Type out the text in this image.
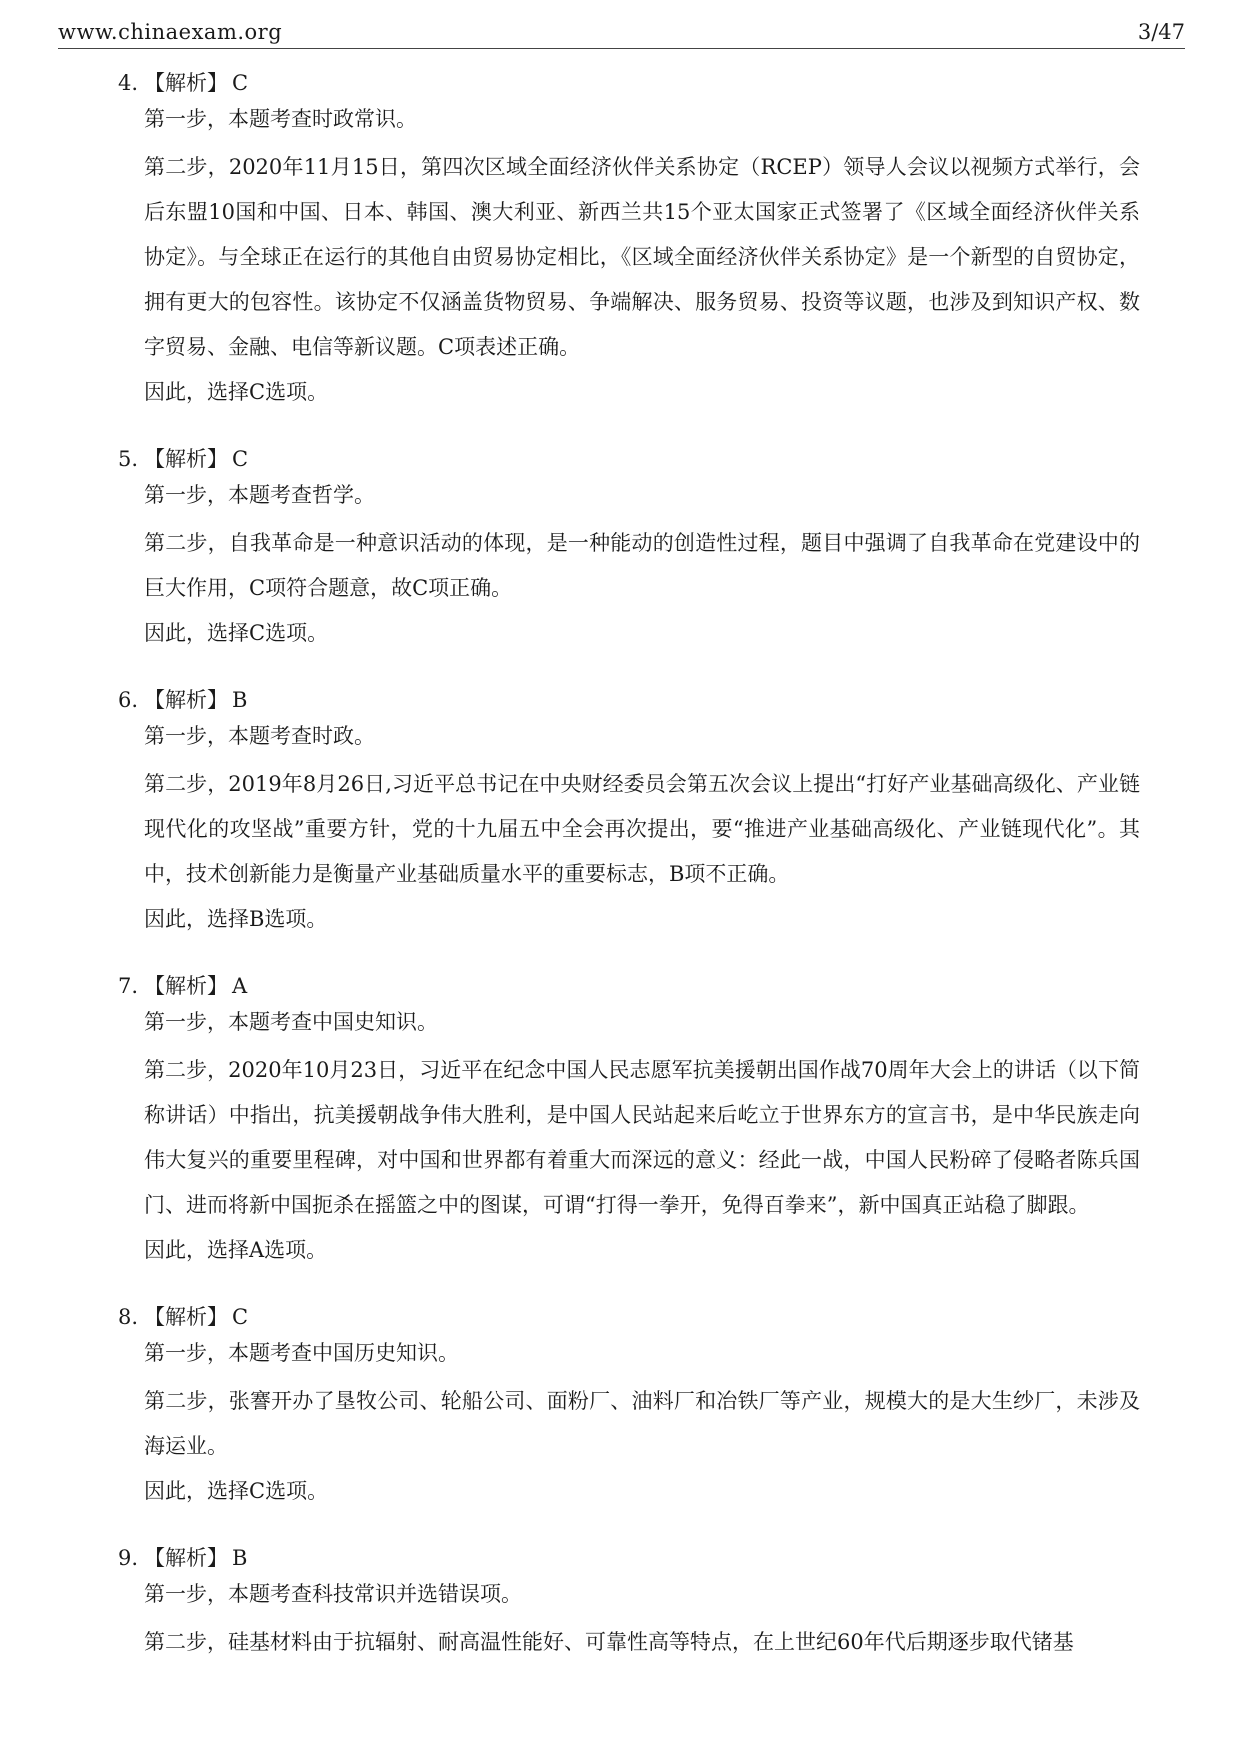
www.chinaexam.org	3/47
4. 【解析】 C
第一步，本题考查时政常识。
第二步，2020年11月15日，第四次区域全面经济伙伴关系协定（RCEP）领导人会议以视频方式举行，会后东盟10国和中国、日本、韩国、澳大利亚、新西兰共15个亚太国家正式签署了《区域全面经济伙伴关系协定》。与全球正在运行的其他自由贸易协定相比，《区域全面经济伙伴关系协定》是一个新型的自贸协定，拥有更大的包容性。该协定不仅涵盖货物贸易、争端解决、服务贸易、投资等议题，也涉及到知识产权、数字贸易、金融、电信等新议题。C项表述正确。
因此，选择C选项。
5. 【解析】 C
第一步，本题考查哲学。
第二步，自我革命是一种意识活动的体现，是一种能动的创造性过程，题目中强调了自我革命在党建设中的巨大作用，C项符合题意，故C项正确。
因此，选择C选项。
6. 【解析】 B
第一步，本题考查时政。
第二步，2019年8月26日,习近平总书记在中央财经委员会第五次会议上提出“打好产业基础高级化、产业链现代化的攻坚战”重要方针，党的十九届五中全会再次提出，要“推进产业基础高级化、产业链现代化”。其中，技术创新能力是衡量产业基础质量水平的重要标志，B项不正确。
因此，选择B选项。
7. 【解析】 A
第一步，本题考查中国史知识。
第二步，2020年10月23日，习近平在纪念中国人民志愿军抗美援朝出国作战70周年大会上的讲话（以下简称讲话）中指出，抗美援朝战争伟大胜利，是中国人民站起来后屹立于世界东方的宣言书，是中华民族走向伟大复兴的重要里程碑，对中国和世界都有着重大而深远的意义：经此一战，中国人民粉碎了侵略者陈兵国门、进而将新中国扼杀在摇篮之中的图谋，可谓“打得一拳开，免得百拳来”，新中国真正站稳了脚跟。
因此，选择A选项。
8. 【解析】 C
第一步，本题考查中国历史知识。
第二步，张謇开办了垦牧公司、轮船公司、面粉厂、油料厂和冶铁厂等产业，规模大的是大生纱厂，未涉及海运业。
因此，选择C选项。
9. 【解析】 B
第一步，本题考查科技常识并选错误项。
第二步，硅基材料由于抗辐射、耐高温性能好、可靠性高等特点，在上世纪60年代后期逐步取代锗基
